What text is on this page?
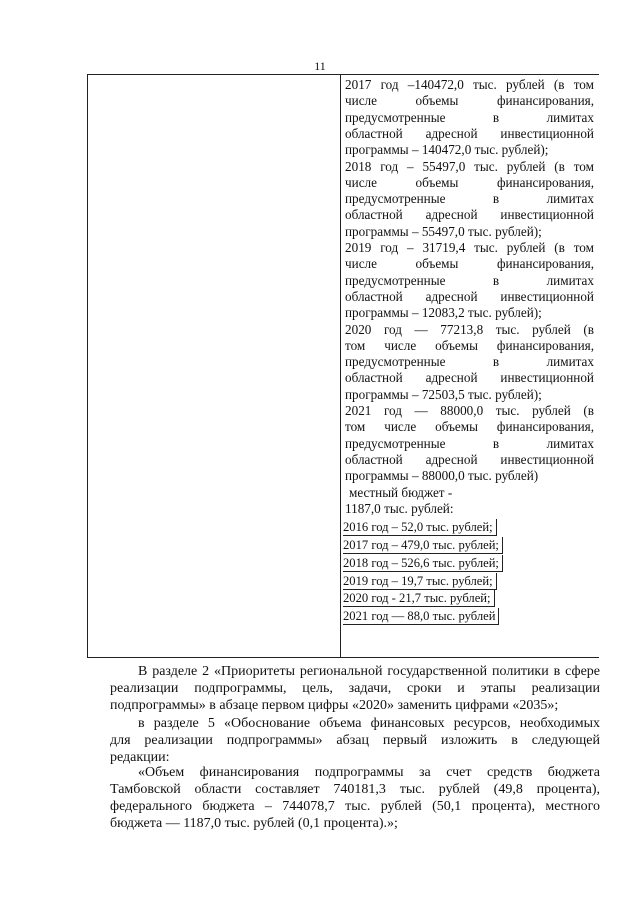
11
2017 год –140472,0 тыс. рублей (в том
числе объемы финансирования,
предусмотренные в лимитах
областной адресной инвестиционной
программы – 140472,0 тыс. рублей);
2018 год – 55497,0 тыс. рублей (в том
числе объемы финансирования,
предусмотренные в лимитах
областной адресной инвестиционной
программы – 55497,0 тыс. рублей);
2019 год – 31719,4 тыс. рублей (в том
числе объемы финансирования,
предусмотренные в лимитах
областной адресной инвестиционной
программы – 12083,2 тыс. рублей);
2020 год — 77213,8 тыс. рублей (в
том числе объемы финансирования,
предусмотренные в лимитах
областной адресной инвестиционной
программы – 72503,5 тыс. рублей);
2021 год — 88000,0 тыс. рублей (в
том числе объемы финансирования,
предусмотренные в лимитах
областной адресной инвестиционной
программы – 88000,0 тыс. рублей)
местный бюджет -
1187,0 тыс. рублей:
2016 год – 52,0 тыс. рублей;
2017 год – 479,0 тыс. рублей;
2018 год – 526,6 тыс. рублей;
2019 год – 19,7 тыс. рублей;
2020 год - 21,7 тыс. рублей;
2021 год — 88,0 тыс. рублей
В разделе 2 «Приоритеты региональной государственной политики в сфере
реализации подпрограммы, цель, задачи, сроки и этапы реализации
подпрограммы» в абзаце первом цифры «2020» заменить цифрами «2035»;
в разделе 5 «Обоснование объема финансовых ресурсов, необходимых
для реализации подпрограммы» абзац первый изложить в следующей
редакции:
«Объем финансирования подпрограммы за счет средств бюджета
Тамбовской области составляет 740181,3 тыс. рублей (49,8 процента),
федерального бюджета – 744078,7 тыс. рублей (50,1 процента), местного
бюджета — 1187,0 тыс. рублей (0,1 процента).»;
